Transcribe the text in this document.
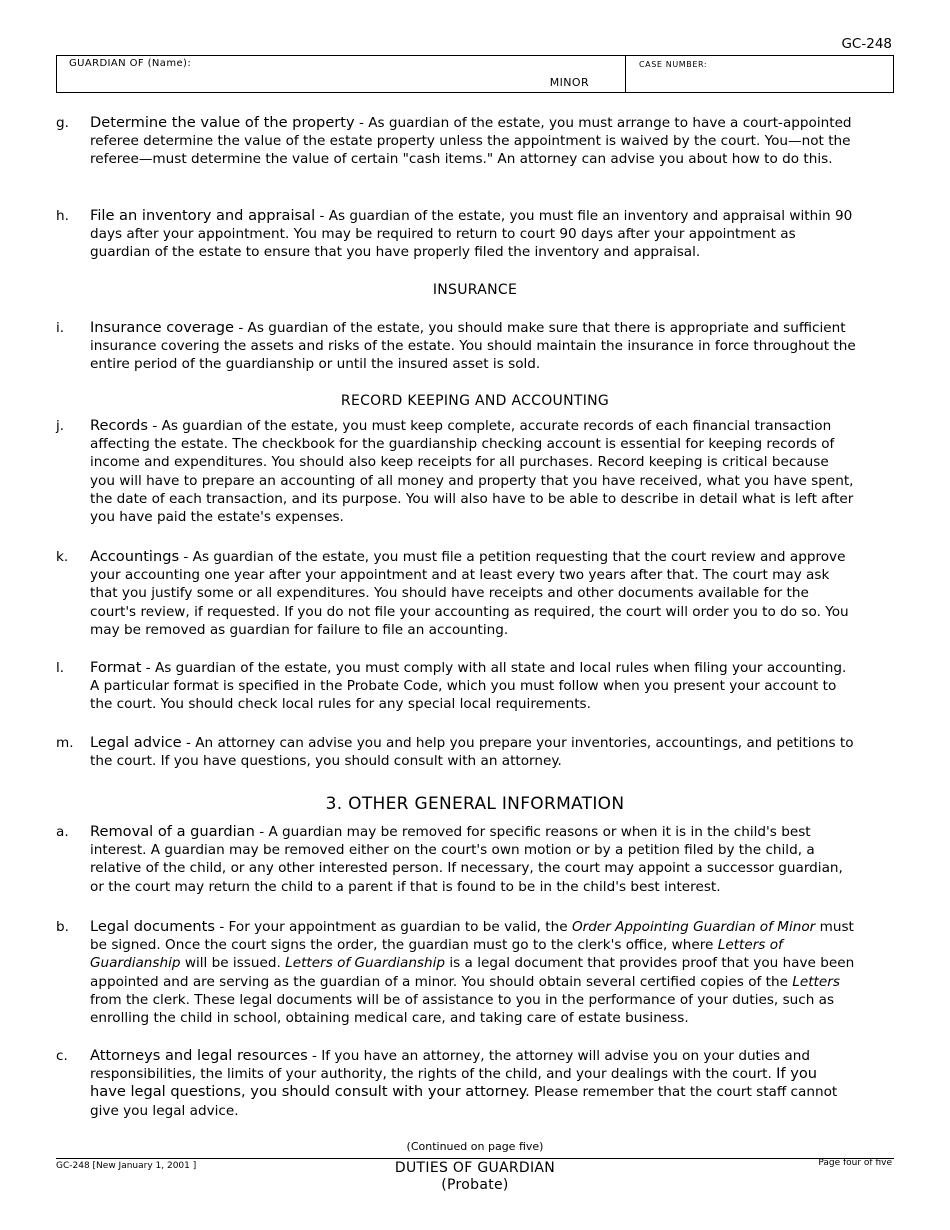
GC-248
GUARDIAN OF (Name):
MINOR
CASE NUMBER:
g. Determine the value of the property - As guardian of the estate, you must arrange to have a court-appointed referee determine the value of the estate property unless the appointment is waived by the court. You—not the referee—must determine the value of certain "cash items." An attorney can advise you about how to do this.
h. File an inventory and appraisal - As guardian of the estate, you must file an inventory and appraisal within 90 days after your appointment. You may be required to return to court 90 days after your appointment as guardian of the estate to ensure that you have properly filed the inventory and appraisal.
INSURANCE
i. Insurance coverage - As guardian of the estate, you should make sure that there is appropriate and sufficient insurance covering the assets and risks of the estate. You should maintain the insurance in force throughout the entire period of the guardianship or until the insured asset is sold.
RECORD KEEPING AND ACCOUNTING
j. Records - As guardian of the estate, you must keep complete, accurate records of each financial transaction affecting the estate. The checkbook for the guardianship checking account is essential for keeping records of income and expenditures. You should also keep receipts for all purchases. Record keeping is critical because you will have to prepare an accounting of all money and property that you have received, what you have spent, the date of each transaction, and its purpose. You will also have to be able to describe in detail what is left after you have paid the estate's expenses.
k. Accountings - As guardian of the estate, you must file a petition requesting that the court review and approve your accounting one year after your appointment and at least every two years after that. The court may ask that you justify some or all expenditures. You should have receipts and other documents available for the court's review, if requested. If you do not file your accounting as required, the court will order you to do so. You may be removed as guardian for failure to file an accounting.
l. Format - As guardian of the estate, you must comply with all state and local rules when filing your accounting. A particular format is specified in the Probate Code, which you must follow when you present your account to the court. You should check local rules for any special local requirements.
m. Legal advice - An attorney can advise you and help you prepare your inventories, accountings, and petitions to the court. If you have questions, you should consult with an attorney.
3. OTHER GENERAL INFORMATION
a. Removal of a guardian - A guardian may be removed for specific reasons or when it is in the child's best interest. A guardian may be removed either on the court's own motion or by a petition filed by the child, a relative of the child, or any other interested person. If necessary, the court may appoint a successor guardian, or the court may return the child to a parent if that is found to be in the child's best interest.
b. Legal documents - For your appointment as guardian to be valid, the Order Appointing Guardian of Minor must be signed. Once the court signs the order, the guardian must go to the clerk's office, where Letters of Guardianship will be issued. Letters of Guardianship is a legal document that provides proof that you have been appointed and are serving as the guardian of a minor. You should obtain several certified copies of the Letters from the clerk. These legal documents will be of assistance to you in the performance of your duties, such as enrolling the child in school, obtaining medical care, and taking care of estate business.
c. Attorneys and legal resources - If you have an attorney, the attorney will advise you on your duties and responsibilities, the limits of your authority, the rights of the child, and your dealings with the court. If you have legal questions, you should consult with your attorney. Please remember that the court staff cannot give you legal advice.
(Continued on page five)
GC-248 [New January 1, 2001 ]	Page four of five
DUTIES OF GUARDIAN
(Probate)
